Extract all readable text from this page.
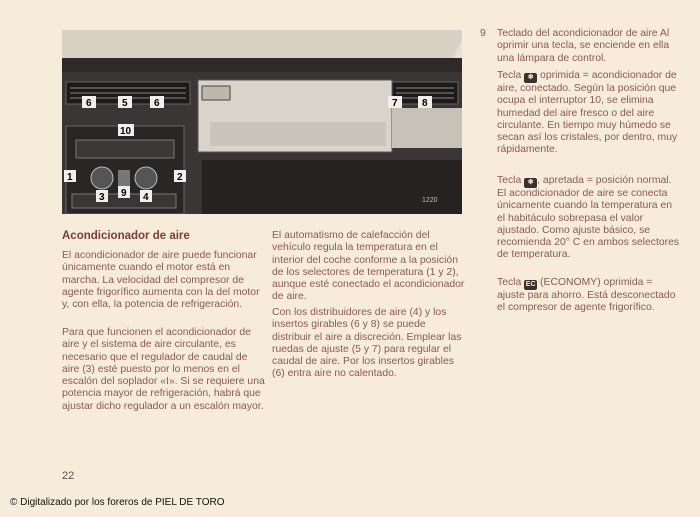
6	5	6	7 8
10
1	2
3 9 4	1220
Acondicionador de aire

El acondicionador de aire puede funcionar únicamente cuando el motor está en marcha. La velocidad del compresor de agente frigorífico aumenta con la del motor y, con ella, la potencia de refrigeración.

Para que funcionen el acondicionador de aire y el sistema de aire circulante, es necesario que el regulador de caudal de aire (3) esté puesto por lo menos en el escalón del soplador «I». Si se requiere una potencia mayor de refrigeración, habrá que ajustar dicho regulador a un escalón mayor.

El automatismo de calefacción del vehículo regula la temperatura en el interior del coche conforme a la posición de los selectores de temperatura (1 y 2), aunque esté conectado el acondicionador de aire.

Con los distribuidores de aire (4) y los insertos girables (6 y 8) se puede distribuir el aire a discreción. Emplear las ruedas de ajuste (5 y 7) para regular el caudal de aire. Por los insertos girables (6) entra aire no calentado.

9 Teclado del acondicionador de aire Al oprimir una tecla, se enciende en ella una lámpara de control.

Tecla ❄ oprimida = acondicionador de aire, conectado. Según la posición que ocupa el interruptor 10, se elimina humedad del aire fresco o del aire circulante. En tiempo muy húmedo se secan así los cristales, por dentro, muy rápidamente.

Tecla ❄ , apretada = posición normal. El acondicionador de aire se conecta únicamente cuando la temperatura en el habitáculo sobrepasa el valor ajustado. Como ajuste básico, se recomienda 20° C en ambos selectores de temperatura.

Tecla EC (ECONOMY) oprimida = ajuste para ahorro. Está desconectado el compresor de agente frigorífico.

22

© Digitalizado por los foreros de PIEL DE TORO
